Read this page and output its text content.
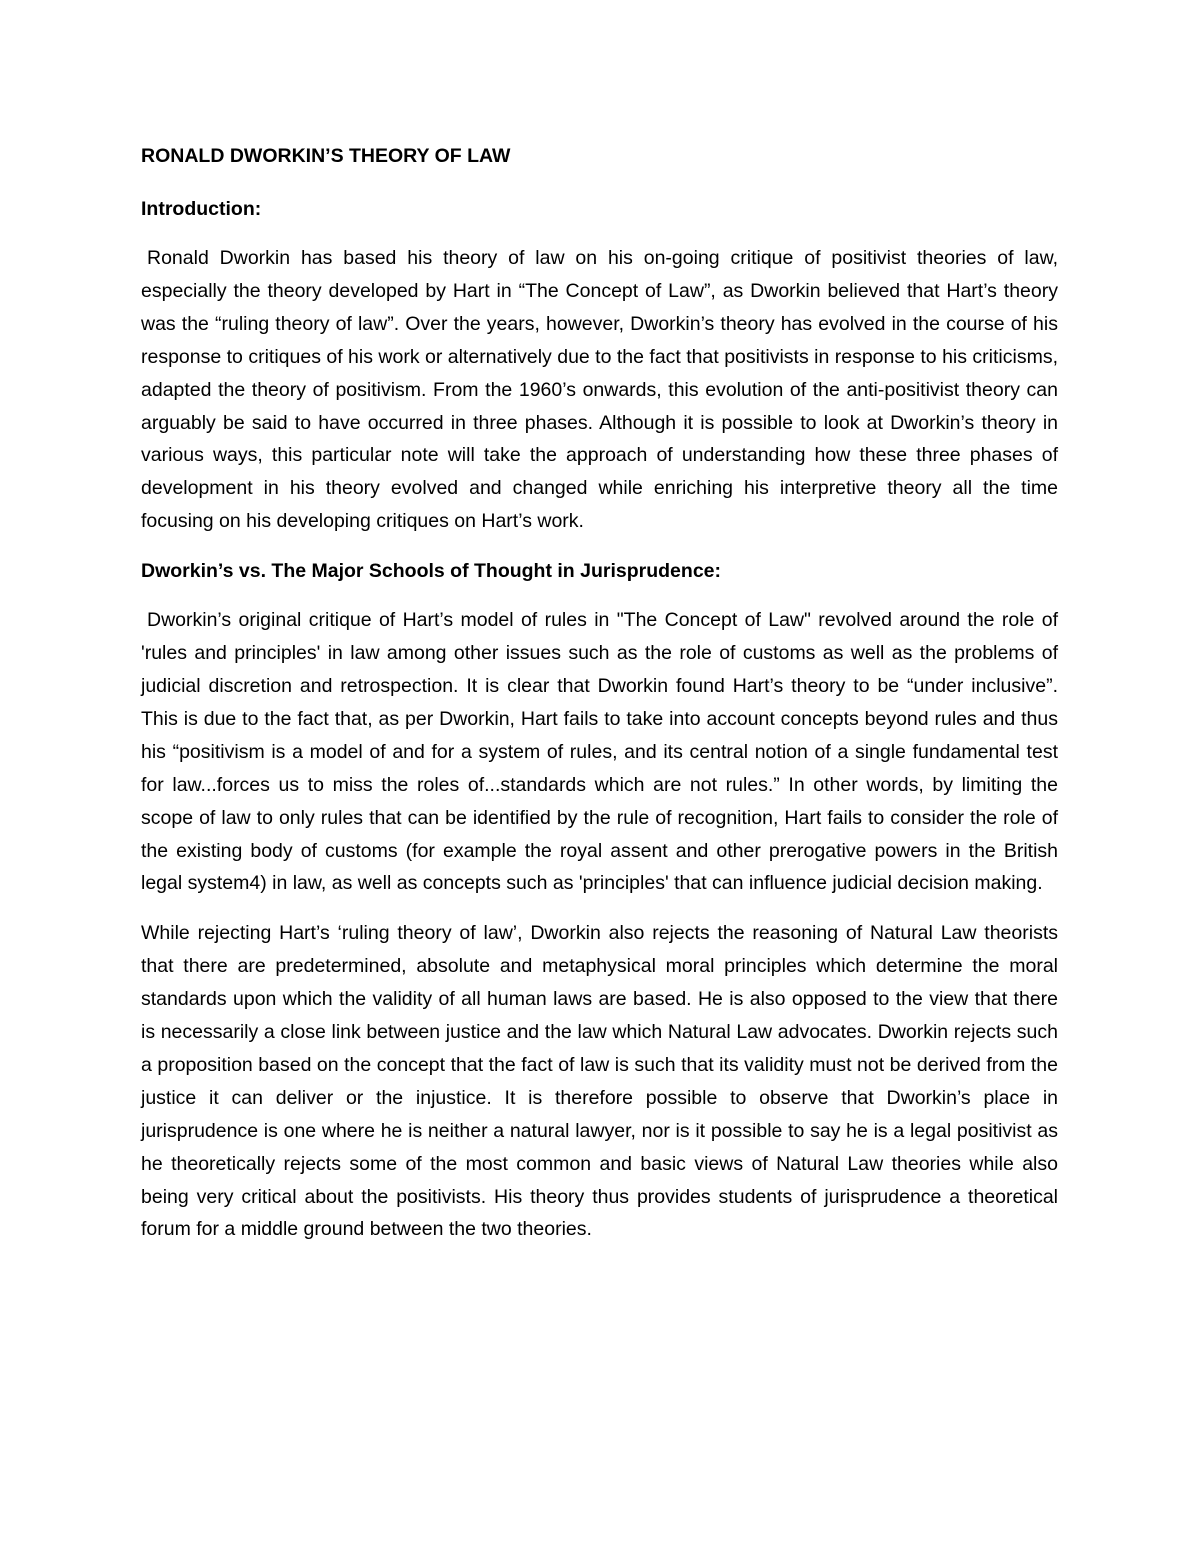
RONALD DWORKIN’S THEORY OF LAW
Introduction:

Ronald Dworkin has based his theory of law on his on-going critique of positivist theories of law, especially the theory developed by Hart in “The Concept of Law”, as Dworkin believed that Hart’s theory was the “ruling theory of law”. Over the years, however, Dworkin’s theory has evolved in the course of his response to critiques of his work or alternatively due to the fact that positivists in response to his criticisms, adapted the theory of positivism. From the 1960’s onwards, this evolution of the anti-positivist theory can arguably be said to have occurred in three phases. Although it is possible to look at Dworkin’s theory in various ways, this particular note will take the approach of understanding how these three phases of development in his theory evolved and changed while enriching his interpretive theory all the time focusing on his developing critiques on Hart’s work.

Dworkin’s vs. The Major Schools of Thought in Jurisprudence:

Dworkin’s original critique of Hart’s model of rules in "The Concept of Law" revolved around the role of 'rules and principles' in law among other issues such as the role of customs as well as the problems of judicial discretion and retrospection. It is clear that Dworkin found Hart’s theory to be “under inclusive”. This is due to the fact that, as per Dworkin, Hart fails to take into account concepts beyond rules and thus his “positivism is a model of and for a system of rules, and its central notion of a single fundamental test for law...forces us to miss the roles of...standards which are not rules.” In other words, by limiting the scope of law to only rules that can be identified by the rule of recognition, Hart fails to consider the role of the existing body of customs (for example the royal assent and other prerogative powers in the British legal system4) in law, as well as concepts such as 'principles' that can influence judicial decision making.

While rejecting Hart’s ‘ruling theory of law’, Dworkin also rejects the reasoning of Natural Law theorists that there are predetermined, absolute and metaphysical moral principles which determine the moral standards upon which the validity of all human laws are based. He is also opposed to the view that there is necessarily a close link between justice and the law which Natural Law advocates. Dworkin rejects such a proposition based on the concept that the fact of law is such that its validity must not be derived from the justice it can deliver or the injustice. It is therefore possible to observe that Dworkin’s place in jurisprudence is one where he is neither a natural lawyer, nor is it possible to say he is a legal positivist as he theoretically rejects some of the most common and basic views of Natural Law theories while also being very critical about the positivists. His theory thus provides students of jurisprudence a theoretical forum for a middle ground between the two theories.
